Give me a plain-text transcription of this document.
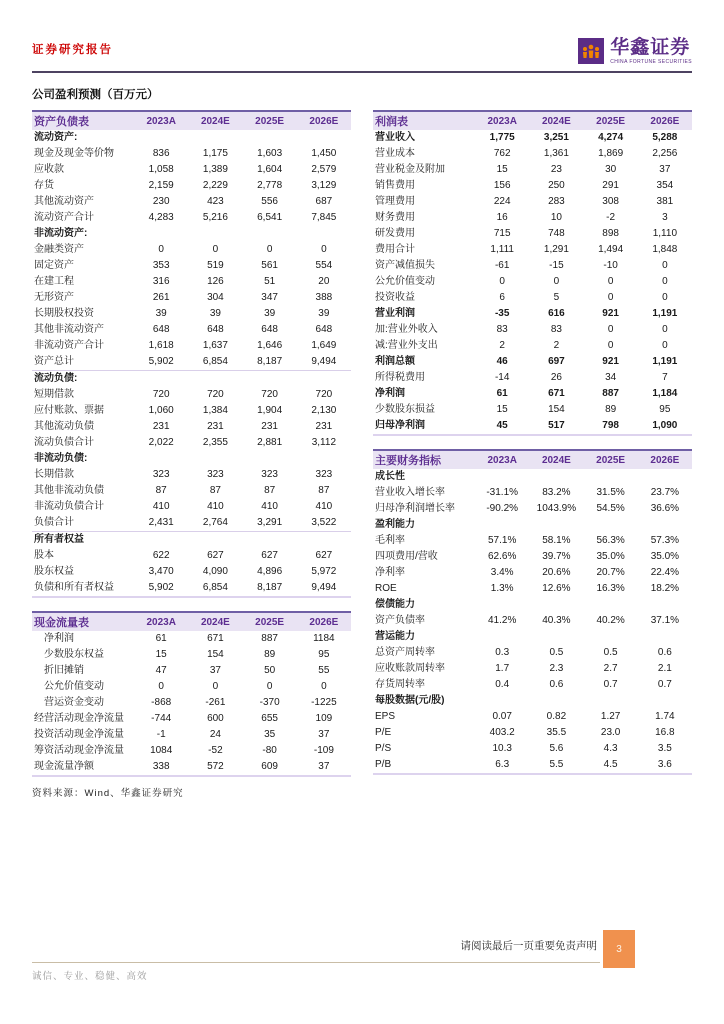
证券研究报告	华鑫证券
CHINA FORTUNE SECURITIES
公司盈利预测（百万元）
资产负债表	2023A	2024E	2025E	2026E
流动资产:				
现金及现金等价物	836	1,175	1,603	1,450
应收款	1,058	1,389	1,604	2,579
存货	2,159	2,229	2,778	3,129
其他流动资产	230	423	556	687
流动资产合计	4,283	5,216	6,541	7,845
非流动资产:				
金融类资产	0	0	0	0
固定资产	353	519	561	554
在建工程	316	126	51	20
无形资产	261	304	347	388
长期股权投资	39	39	39	39
其他非流动资产	648	648	648	648
非流动资产合计	1,618	1,637	1,646	1,649
资产总计	5,902	6,854	8,187	9,494
流动负债:				
短期借款	720	720	720	720
应付账款、票据	1,060	1,384	1,904	2,130
其他流动负债	231	231	231	231
流动负债合计	2,022	2,355	2,881	3,112
非流动负债:				
长期借款	323	323	323	323
其他非流动负债	87	87	87	87
非流动负债合计	410	410	410	410
负债合计	2,431	2,764	3,291	3,522
所有者权益				
股本	622	627	627	627
股东权益	3,470	4,090	4,896	5,972
负债和所有者权益	5,902	6,854	8,187	9,494
现金流量表	2023A	2024E	2025E	2026E
净利润	61	671	887	1184
少数股东权益	15	154	89	95
折旧摊销	47	37	50	55
公允价值变动	0	0	0	0
营运资金变动	-868	-261	-370	-1225
经营活动现金净流量	-744	600	655	109
投资活动现金净流量	-1	24	35	37
筹资活动现金净流量	1084	-52	-80	-109
现金流量净额	338	572	609	37
资料来源：Wind、华鑫证券研究
利润表	2023A	2024E	2025E	2026E
营业收入	1,775	3,251	4,274	5,288
营业成本	762	1,361	1,869	2,256
营业税金及附加	15	23	30	37
销售费用	156	250	291	354
管理费用	224	283	308	381
财务费用	16	10	-2	3
研发费用	715	748	898	1,110
费用合计	1,111	1,291	1,494	1,848
资产减值损失	-61	-15	-10	0
公允价值变动	0	0	0	0
投资收益	6	5	0	0
营业利润	-35	616	921	1,191
加:营业外收入	83	83	0	0
减:营业外支出	2	2	0	0
利润总额	46	697	921	1,191
所得税费用	-14	26	34	7
净利润	61	671	887	1,184
少数股东损益	15	154	89	95
归母净利润	45	517	798	1,090
主要财务指标	2023A	2024E	2025E	2026E
成长性				
营业收入增长率	-31.1%	83.2%	31.5%	23.7%
归母净利润增长率	-90.2%	1043.9%	54.5%	36.6%
盈利能力				
毛利率	57.1%	58.1%	56.3%	57.3%
四项费用/营收	62.6%	39.7%	35.0%	35.0%
净利率	3.4%	20.6%	20.7%	22.4%
ROE	1.3%	12.6%	16.3%	18.2%
偿债能力				
资产负债率	41.2%	40.3%	40.2%	37.1%
营运能力				
总资产周转率	0.3	0.5	0.5	0.6
应收账款周转率	1.7	2.3	2.7	2.1
存货周转率	0.4	0.6	0.7	0.7
每股数据(元/股)				
EPS	0.07	0.82	1.27	1.74
P/E	403.2	35.5	23.0	16.8
P/S	10.3	5.6	4.3	3.5
P/B	6.3	5.5	4.5	3.6
请阅读最后一页重要免责声明	3
诚信、专业、稳健、高效
